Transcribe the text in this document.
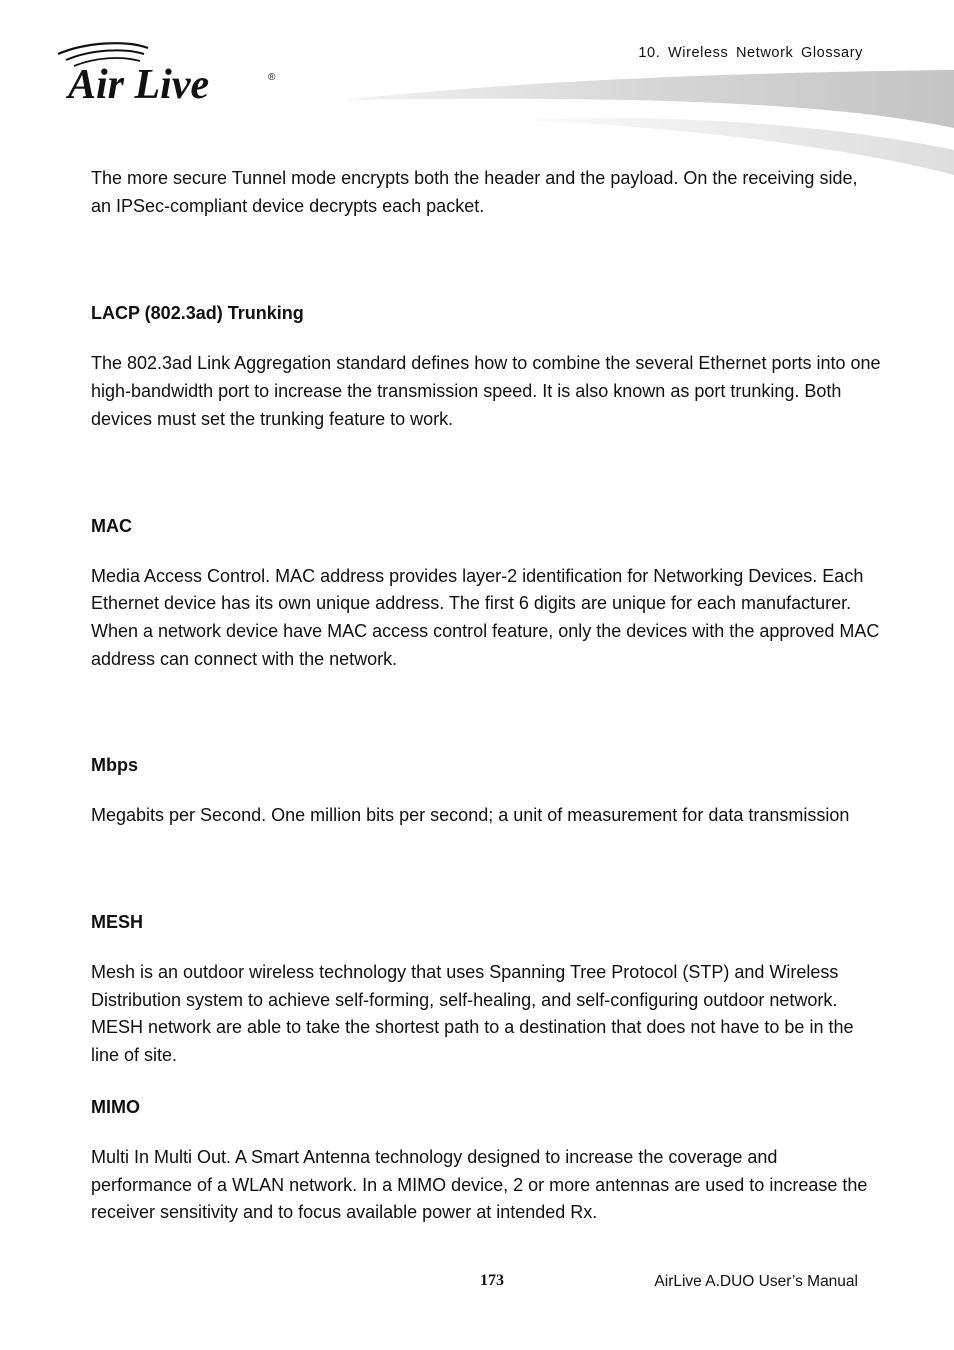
Air Live	®
10. Wireless Network Glossary

The more secure Tunnel mode encrypts both the header and the payload. On the receiving side, an IPSec-compliant device decrypts each packet.

LACP (802.3ad) Trunking

The 802.3ad Link Aggregation standard defines how to combine the several Ethernet ports into one high-bandwidth port to increase the transmission speed. It is also known as port trunking. Both devices must set the trunking feature to work.

MAC

Media Access Control. MAC address provides layer-2 identification for Networking Devices. Each Ethernet device has its own unique address. The first 6 digits are unique for each manufacturer. When a network device have MAC access control feature, only the devices with the approved MAC address can connect with the network.

Mbps

Megabits per Second. One million bits per second; a unit of measurement for data transmission

MESH

Mesh is an outdoor wireless technology that uses Spanning Tree Protocol (STP) and Wireless Distribution system to achieve self-forming, self-healing, and self-configuring outdoor network. MESH network are able to take the shortest path to a destination that does not have to be in the line of site.

MIMO

Multi In Multi Out. A Smart Antenna technology designed to increase the coverage and performance of a WLAN network. In a MIMO device, 2 or more antennas are used to increase the receiver sensitivity and to focus available power at intended Rx.

173	AirLive A.DUO User’s Manual
